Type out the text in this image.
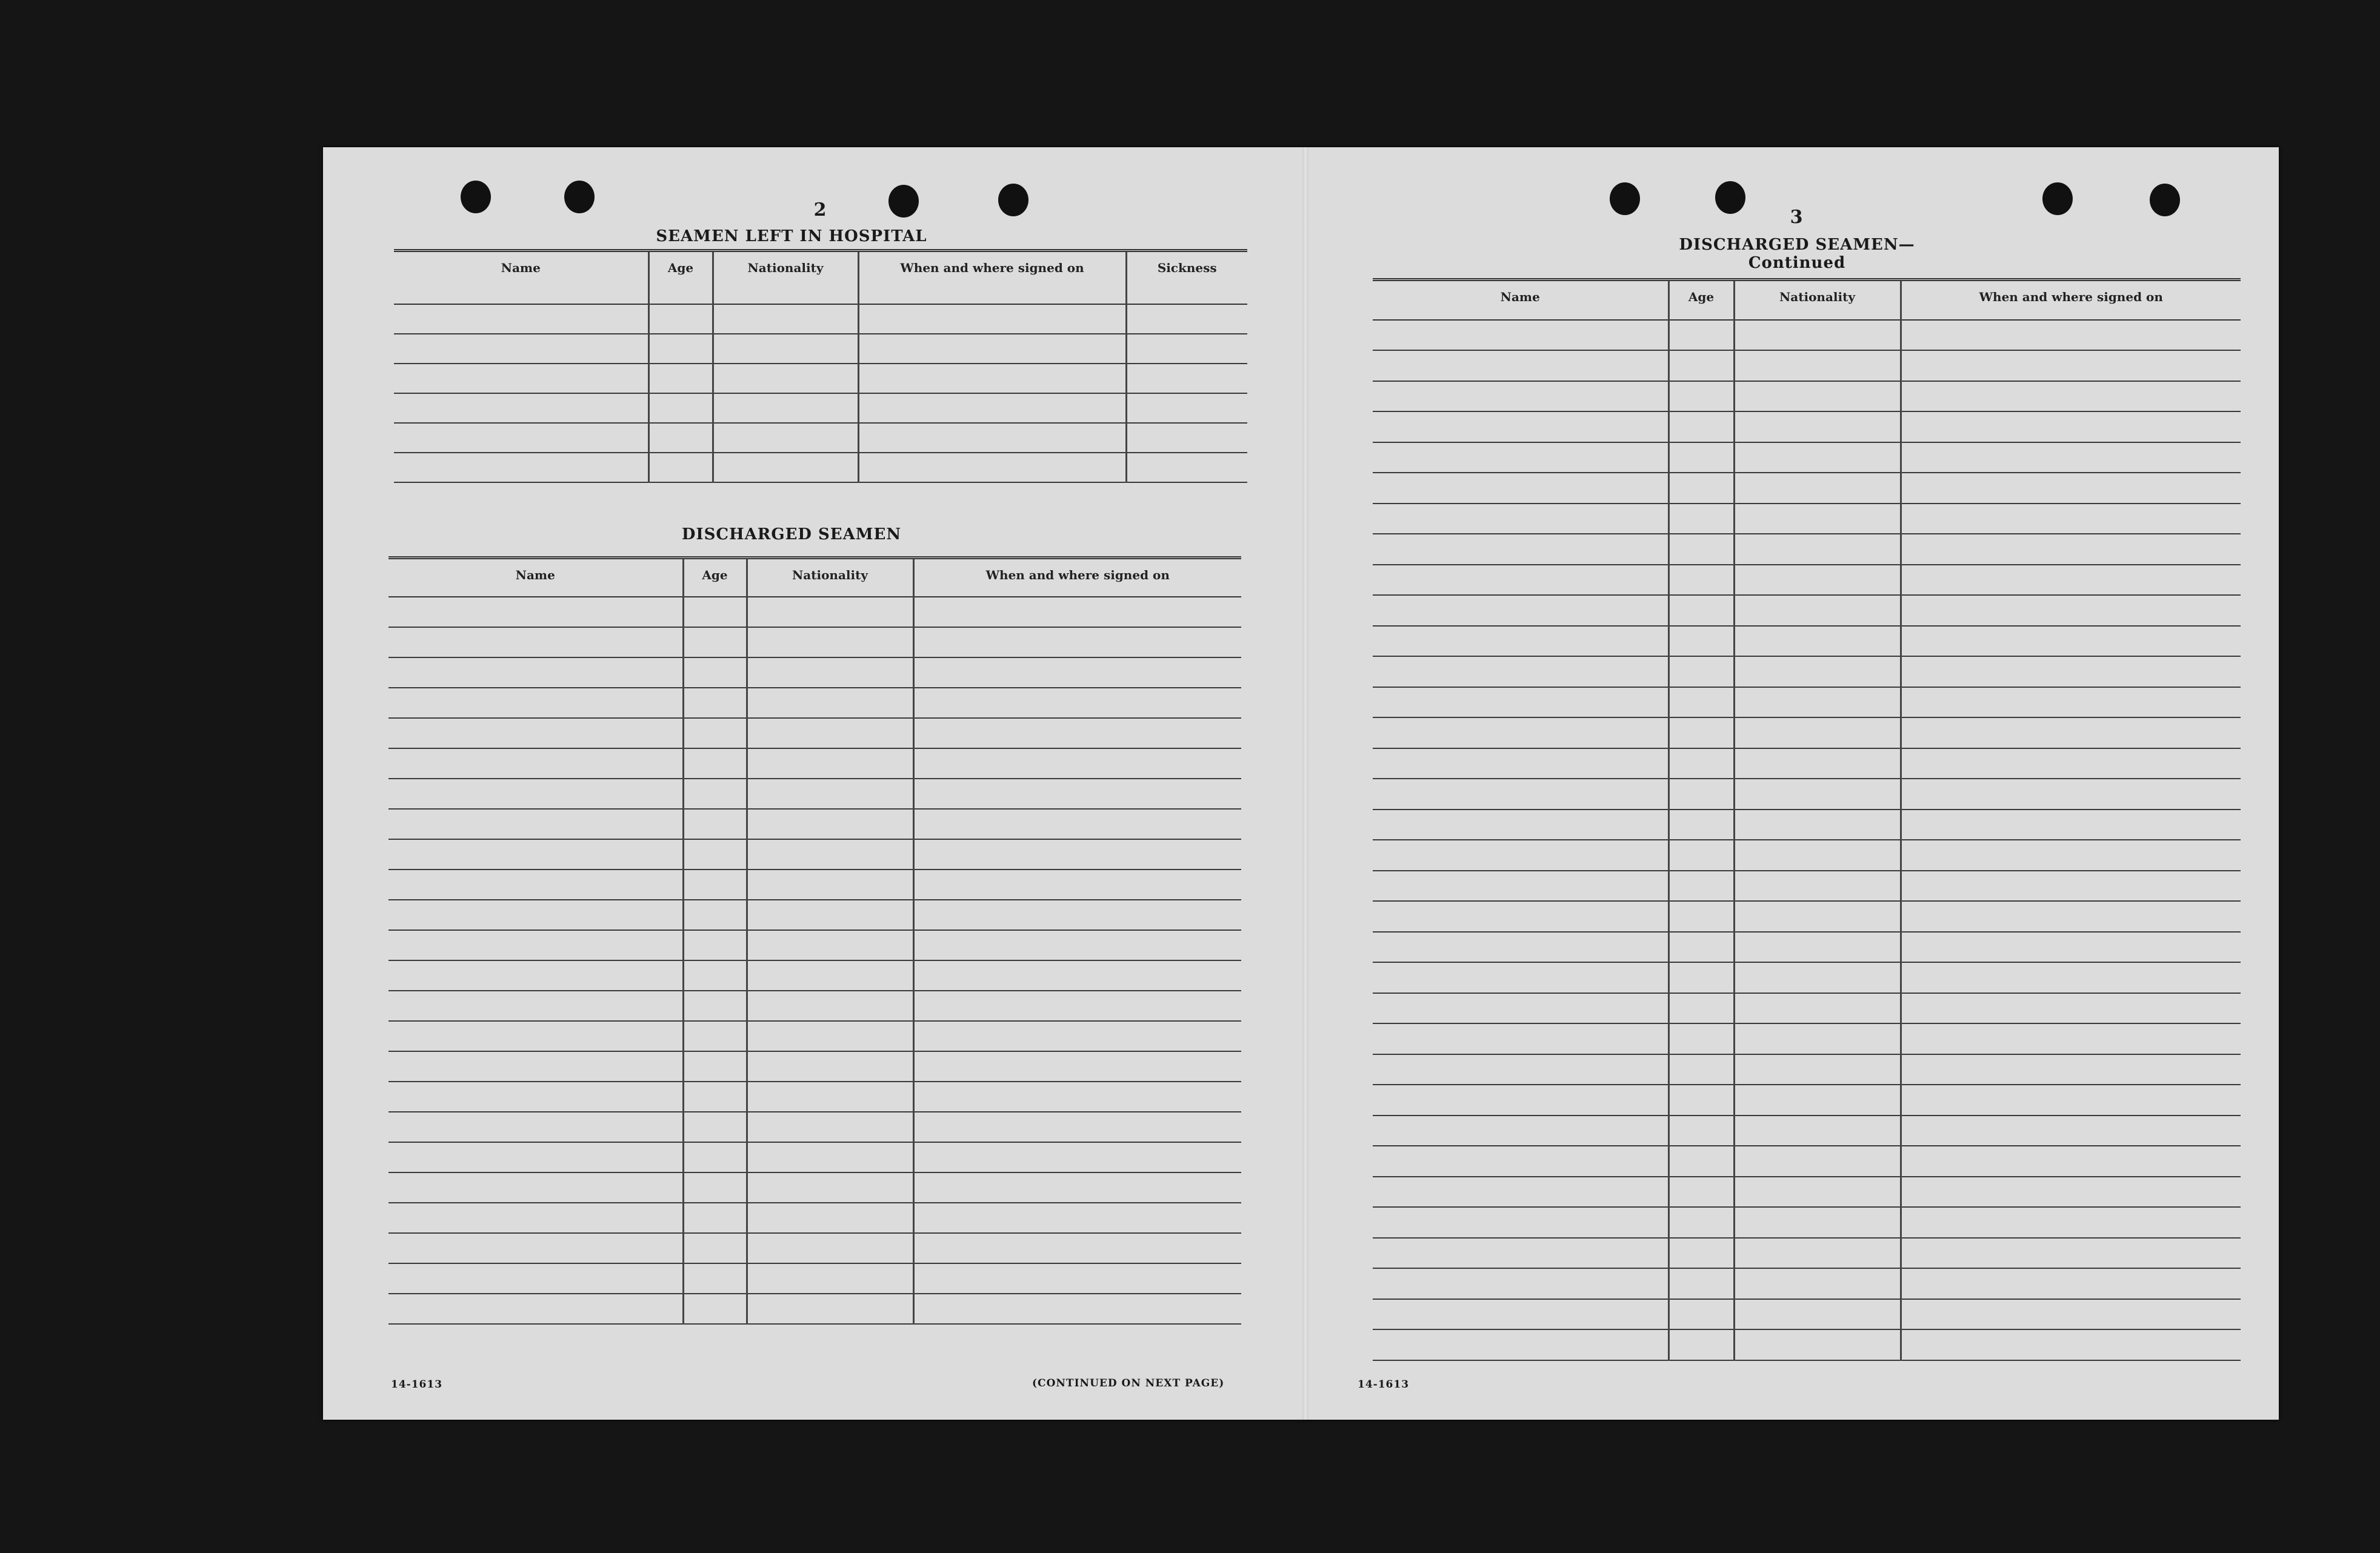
2
SEAMEN LEFT IN HOSPITAL
Name	Age	Nationality	When and where signed on	Sickness

DISCHARGED SEAMEN
Name	Age	Nationality	When and where signed on

14-1613	(CONTINUED ON NEXT PAGE)
3
DISCHARGED SEAMEN—Continued
Name	Age	Nationality	When and where signed on

14-1613
